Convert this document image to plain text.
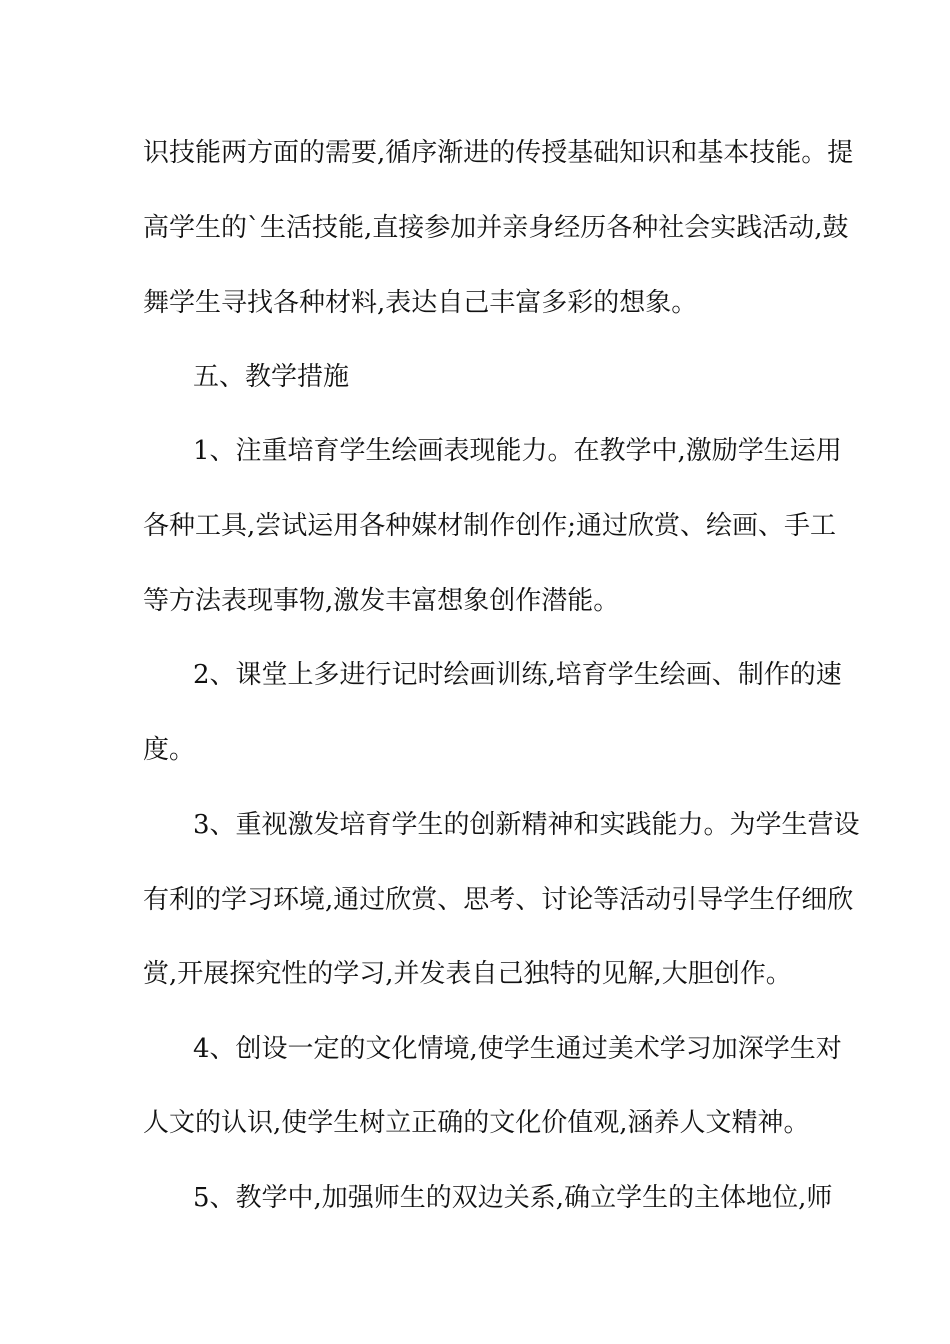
识技能两方面的需要,循序渐进的传授基础知识和基本技能。提
高学生的`生活技能,直接参加并亲身经历各种社会实践活动,鼓
舞学生寻找各种材料,表达自己丰富多彩的想象。
五、教学措施
1、注重培育学生绘画表现能力。在教学中,激励学生运用
各种工具,尝试运用各种媒材制作创作;通过欣赏、绘画、手工
等方法表现事物,激发丰富想象创作潜能。
2、课堂上多进行记时绘画训练,培育学生绘画、制作的速
度。
3、重视激发培育学生的创新精神和实践能力。为学生营设
有利的学习环境,通过欣赏、思考、讨论等活动引导学生仔细欣
赏,开展探究性的学习,并发表自己独特的见解,大胆创作。
4、创设一定的文化情境,使学生通过美术学习加深学生对
人文的认识,使学生树立正确的文化价值观,涵养人文精神。
5、教学中,加强师生的双边关系,确立学生的主体地位,师
